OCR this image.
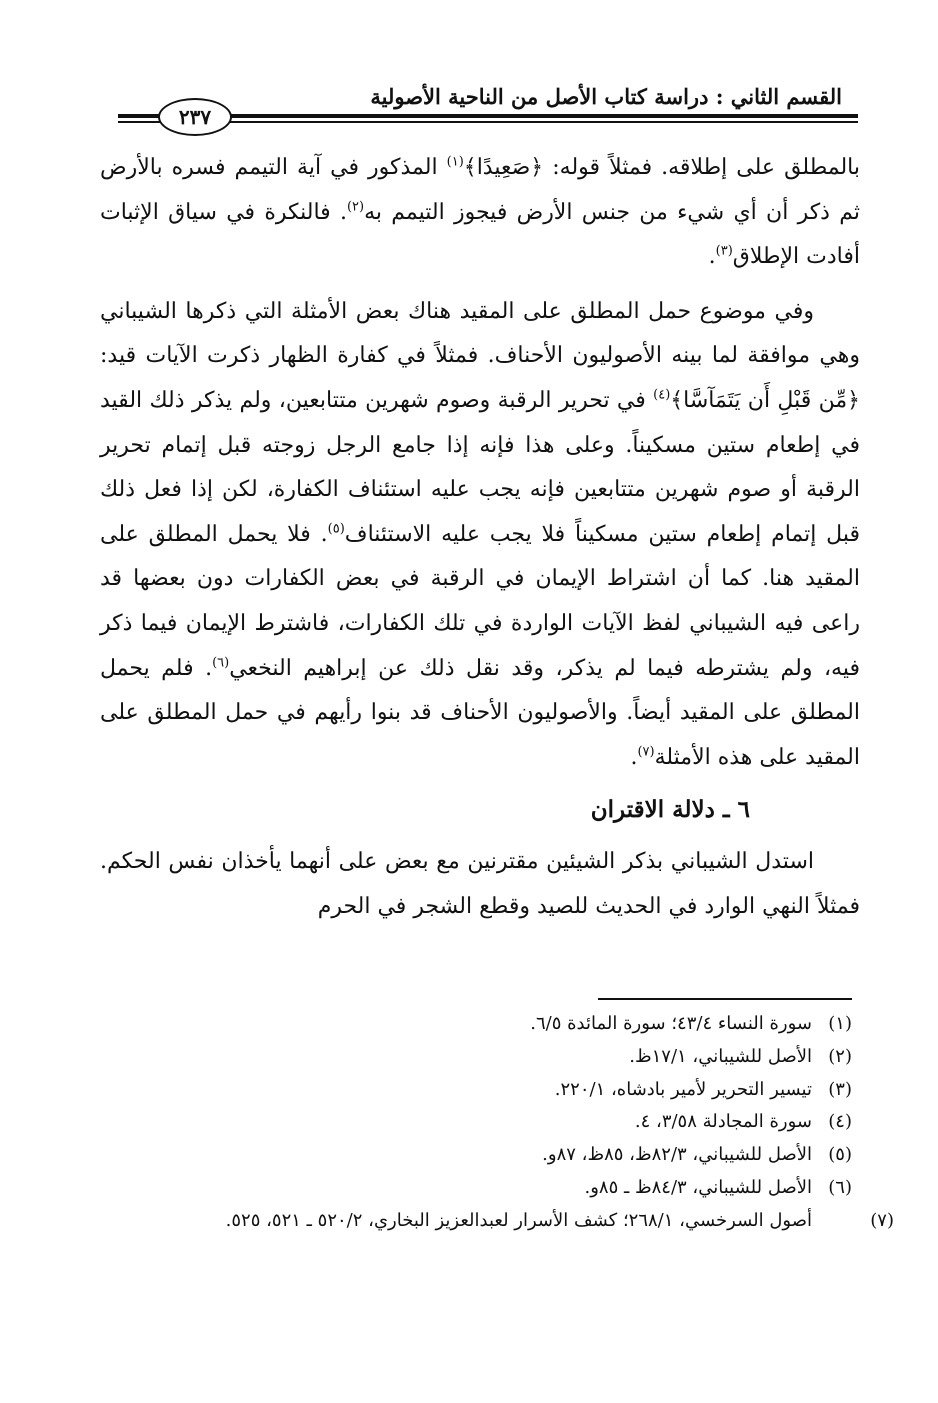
القسم الثاني : دراسة كتاب الأصل من الناحية الأصولية
٢٣٧

بالمطلق على إطلاقه. فمثلاً قوله: ﴿صَعِيدًا﴾$^{(١)}$ المذكور في آية التيمم فسره بالأرض ثم ذكر أن أي شيء من جنس الأرض فيجوز التيمم به$^{(٢)}$. فالنكرة في سياق الإثبات أفادت الإطلاق$^{(٣)}$.

وفي موضوع حمل المطلق على المقيد هناك بعض الأمثلة التي ذكرها الشيباني وهي موافقة لما بينه الأصوليون الأحناف. فمثلاً في كفارة الظهار ذكرت الآيات قيد: ﴿مِّن قَبْلِ أَن يَتَمَآسَّا﴾$^{(٤)}$ في تحرير الرقبة وصوم شهرين متتابعين، ولم يذكر ذلك القيد في إطعام ستين مسكيناً. وعلى هذا فإنه إذا جامع الرجل زوجته قبل إتمام تحرير الرقبة أو صوم شهرين متتابعين فإنه يجب عليه استئناف الكفارة، لكن إذا فعل ذلك قبل إتمام إطعام ستين مسكيناً فلا يجب عليه الاستئناف$^{(٥)}$. فلا يحمل المطلق على المقيد هنا. كما أن اشتراط الإيمان في الرقبة في بعض الكفارات دون بعضها قد راعى فيه الشيباني لفظ الآيات الواردة في تلك الكفارات، فاشترط الإيمان فيما ذكر فيه، ولم يشترطه فيما لم يذكر، وقد نقل ذلك عن إبراهيم النخعي$^{(٦)}$. فلم يحمل المطلق على المقيد أيضاً. والأصوليون الأحناف قد بنوا رأيهم في حمل المطلق على المقيد على هذه الأمثلة$^{(٧)}$.

٦ ـ دلالة الاقتران

استدل الشيباني بذكر الشيئين مقترنين مع بعض على أنهما يأخذان نفس الحكم. فمثلاً النهي الوارد في الحديث للصيد وقطع الشجر في الحرم

(١)سورة النساء ٤٣/٤؛ سورة المائدة ٦/٥.

(٢)الأصل للشيباني، ١٧/١ظ.

(٣)تيسير التحرير لأمير بادشاه، ٢٢٠/١.

(٤)سورة المجادلة ٣/٥٨، ٤.

(٥)الأصل للشيباني، ٨٢/٣ظ، ٨٥ظ، ٨٧و.

(٦)الأصل للشيباني، ٨٤/٣ظ ـ ٨٥و.

(٧)أصول السرخسي، ٢٦٨/١؛ كشف الأسرار لعبدالعزيز البخاري، ٥٢٠/٢ ـ ٥٢١، ٥٢٥.
